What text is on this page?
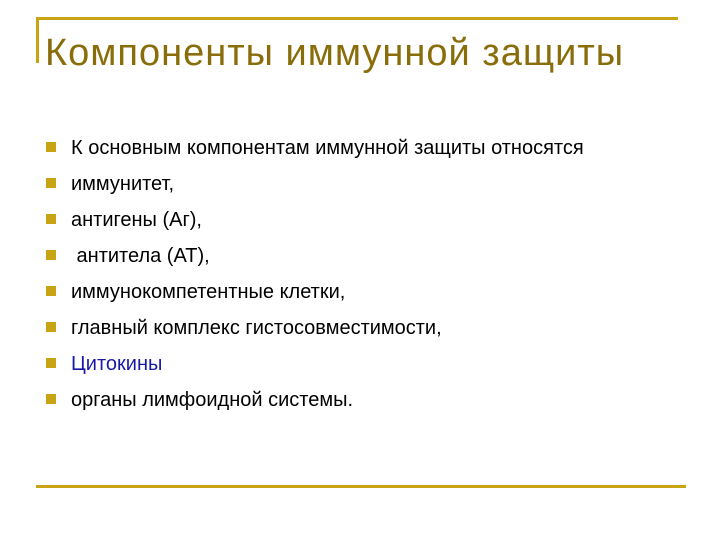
Компоненты иммунной защиты
К основным компонентам иммунной защиты относятся
иммунитет,
антигены (Аг),
антитела (АТ),
иммунокомпетентные клетки,
главный комплекс гистосовместимости,
Цитокины
органы лимфоидной системы.
